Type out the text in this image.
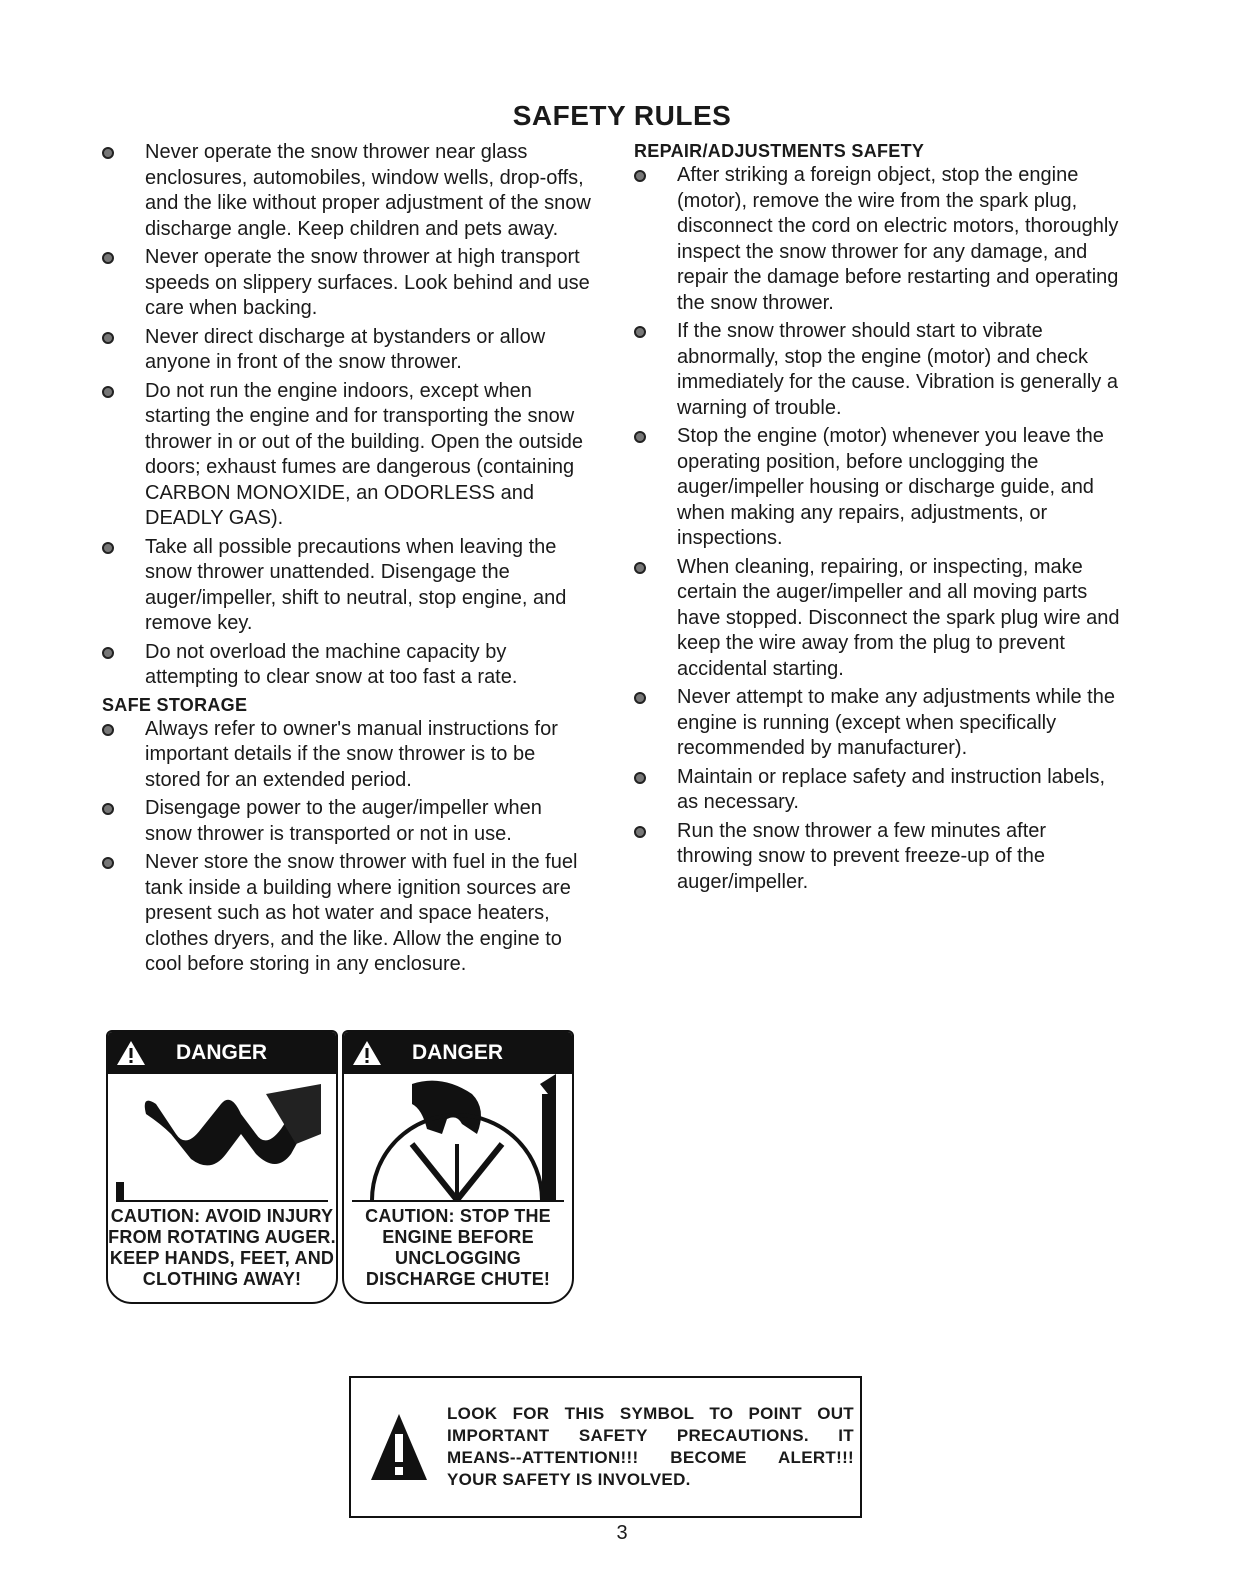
SAFETY RULES
Never operate the snow thrower near glass enclosures, automobiles, window wells, drop-offs, and the like without proper adjustment of the snow discharge angle. Keep children and pets away.
Never operate the snow thrower at high transport speeds on slippery surfaces. Look behind and use care when backing.
Never direct discharge at bystanders or allow anyone in front of the snow thrower.
Do not run the engine indoors, except when starting the engine and for transporting the snow thrower in or out of the building. Open the outside doors; exhaust fumes are dangerous (containing CARBON MONOXIDE, an ODORLESS and DEADLY GAS).
Take all possible precautions when leaving the snow thrower unattended. Disengage the auger/impeller, shift to neutral, stop engine, and remove key.
Do not overload the machine capacity by attempting to clear snow at too fast a rate.
SAFE STORAGE
Always refer to owner's manual instructions for important details if the snow thrower is to be stored for an extended period.
Disengage power to the auger/impeller when snow thrower is transported or not in use.
Never store the snow thrower with fuel in the fuel tank inside a building where ignition sources are present such as hot water and space heaters, clothes dryers, and the like. Allow the engine to cool before storing in any enclosure.
REPAIR/ADJUSTMENTS SAFETY
After striking a foreign object, stop the engine (motor), remove the wire from the spark plug, disconnect the cord on electric motors, thoroughly inspect the snow thrower for any damage, and repair the damage before restarting and operating the snow thrower.
If the snow thrower should start to vibrate abnormally, stop the engine (motor) and check immediately for the cause. Vibration is generally a warning of trouble.
Stop the engine (motor) whenever you leave the operating position, before unclogging the auger/impeller housing or discharge guide, and when making any repairs, adjustments, or inspections.
When cleaning, repairing, or inspecting, make certain the auger/impeller and all moving parts have stopped. Disconnect the spark plug wire and keep the wire away from the plug to prevent accidental starting.
Never attempt to make any adjustments while the engine is running (except when specifically recommended by manufacturer).
Maintain or replace safety and instruction labels, as necessary.
Run the snow thrower a few minutes after throwing snow to prevent freeze-up of the auger/impeller.
DANGER
CAUTION: AVOID INJURY FROM ROTATING AUGER. KEEP HANDS, FEET, AND CLOTHING AWAY!
DANGER
CAUTION: STOP THE ENGINE BEFORE UNCLOGGING DISCHARGE CHUTE!
LOOK FOR THIS SYMBOL TO POINT OUT IMPORTANT SAFETY PRECAUTIONS. IT MEANS--ATTENTION!!! BECOME ALERT!!! YOUR SAFETY IS INVOLVED.
3
